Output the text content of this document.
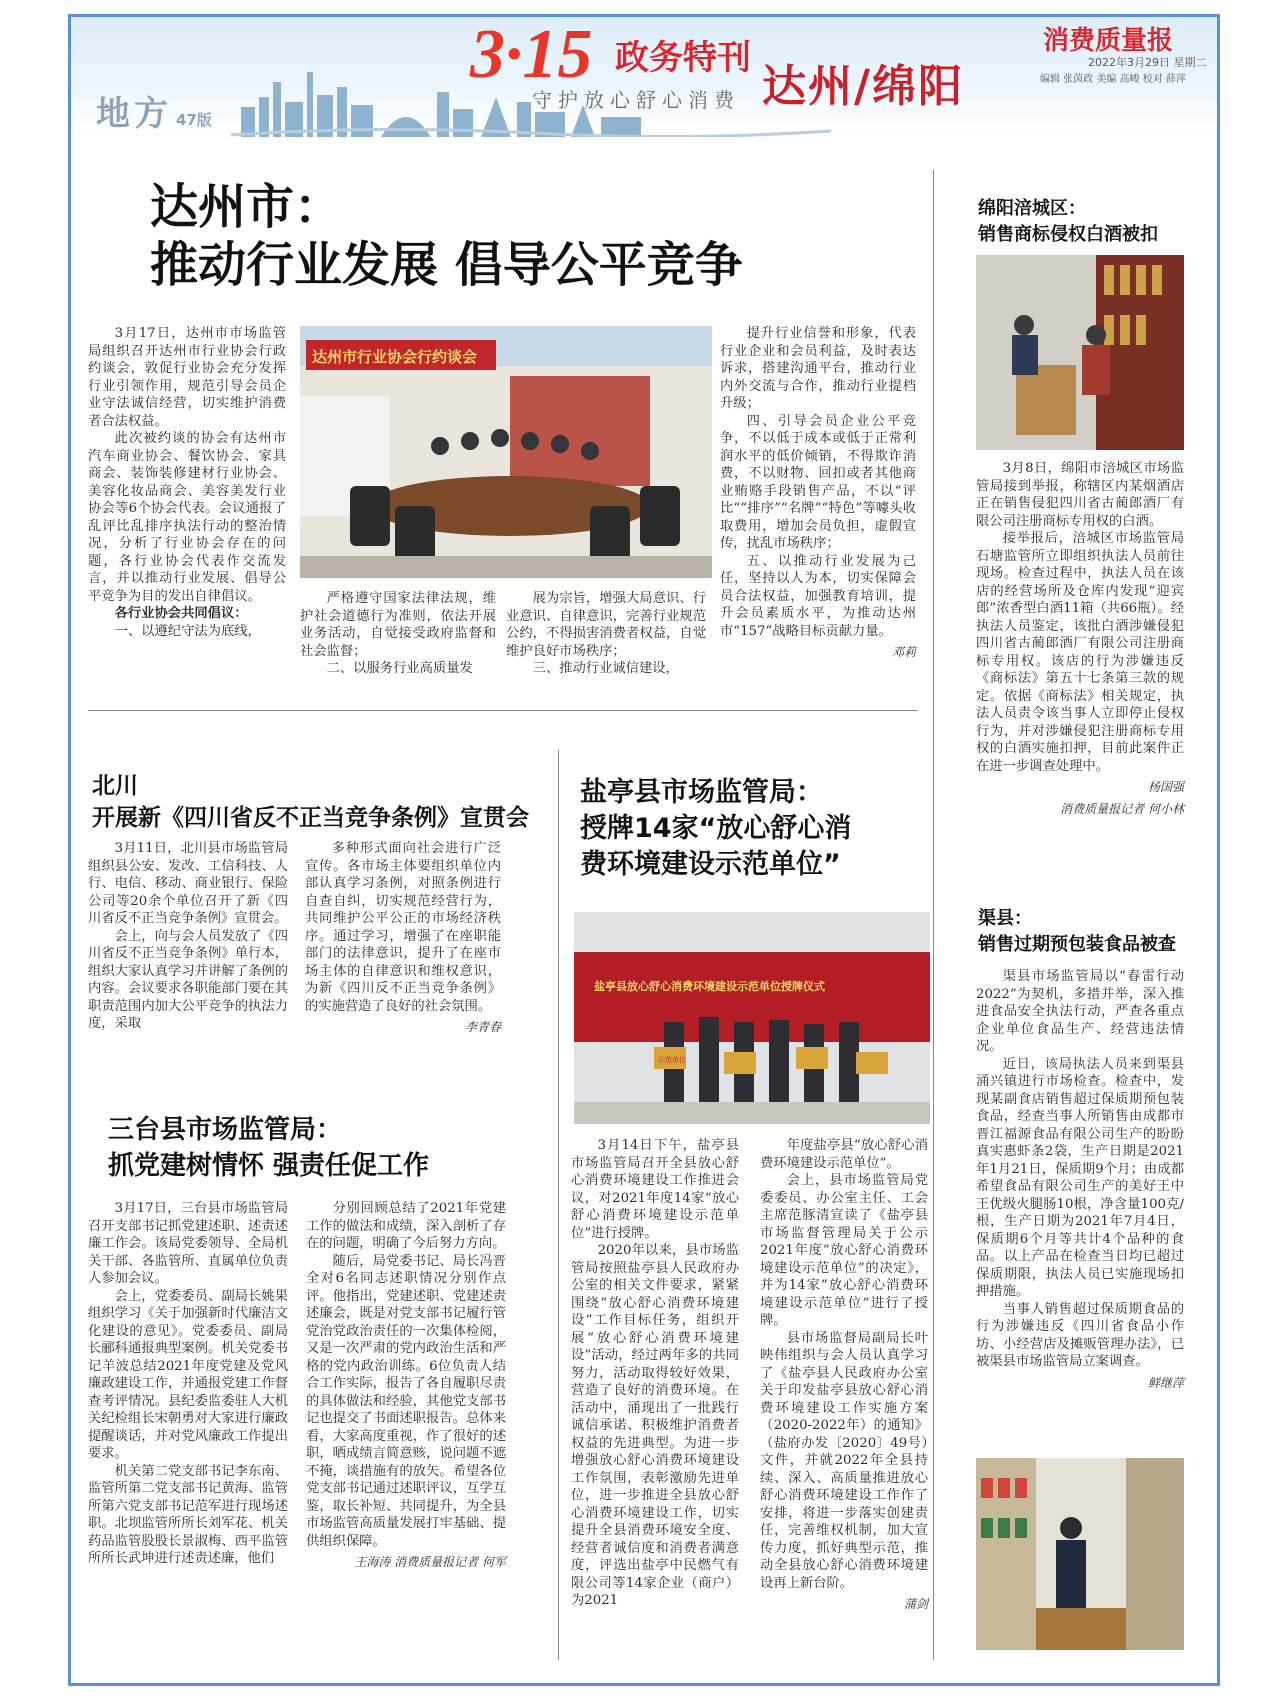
地方 47版
3·15 政务特刊
守护放心舒心消费 达州/绵阳
消费质量报
2022年3月29日 星期二
编辑 张茵政 美编 高峻 校对 薛萍
达州市：
推动行业发展 倡导公平竞争
达州市行业协会行约谈会

3月17日，达州市市场监管局组织召开达州市行业协会行政约谈会，敦促行业协会充分发挥行业引领作用，规范引导会员企业守法诚信经营，切实维护消费者合法权益。

此次被约谈的协会有达州市汽车商业协会、餐饮协会、家具商会、装饰装修建材行业协会、美容化妆品商会、美容美发行业协会等6个协会代表。会议通报了乱评比乱排序执法行动的整治情况，分析了行业协会存在的问题，各行业协会代表作交流发言，并以推动行业发展、倡导公平竞争为目的发出自律倡议。

各行业协会共同倡议：

一、以遵纪守法为底线，

严格遵守国家法律法规，维护社会道德行为准则，依法开展业务活动，自觉接受政府监督和社会监督；

二、以服务行业高质量发

展为宗旨，增强大局意识、行业意识、自律意识，完善行业规范公约，不得损害消费者权益，自觉维护良好市场秩序；

三、推动行业诚信建设，

提升行业信誉和形象，代表行业企业和会员利益，及时表达诉求，搭建沟通平台，推动行业内外交流与合作，推动行业提档升级；

四、引导会员企业公平竞争，不以低于成本或低于正常利润水平的低价倾销，不得欺诈消费，不以财物、回扣或者其他商业贿赂手段销售产品，不以“评比”“排序”“名牌”“特色”等噱头收取费用，增加会员负担，虚假宣传，扰乱市场秩序；

五、以推动行业发展为己任，坚持以人为本，切实保障会员合法权益，加强教育培训，提升会员素质水平，为推动达州市“157”战略目标贡献力量。

邓莉
北川
开展新《四川省反不正当竞争条例》宣贯会

3月11日，北川县市场监管局组织县公安、发改、工信科技、人行、电信、移动、商业银行、保险公司等20余个单位召开了新《四川省反不正当竞争条例》宣贯会。

会上，向与会人员发放了《四川省反不正当竞争条例》单行本，组织大家认真学习并讲解了条例的内容。会议要求各职能部门要在其职责范围内加大公平竞争的执法力度，采取

多种形式面向社会进行广泛宣传。各市场主体要组织单位内部认真学习条例，对照条例进行自查自纠，切实规范经营行为，共同维护公平公正的市场经济秩序。通过学习，增强了在座职能部门的法律意识，提升了在座市场主体的自律意识和维权意识，为新《四川反不正当竞争条例》的实施营造了良好的社会氛围。

李青春
盐亭县市场监管局：
授牌14家“放心舒心消
费环境建设示范单位”
盐亭县放心舒心消费环境建设示范单位授牌仪式
示范单位

3月14日下午，盐亭县市场监管局召开全县放心舒心消费环境建设工作推进会议，对2021年度14家“放心舒心消费环境建设示范单位”进行授牌。

2020年以来，县市场监管局按照盐亭县人民政府办公室的相关文件要求，紧紧围绕“放心舒心消费环境建设”工作目标任务，组织开展“放心舒心消费环境建设”活动，经过两年多的共同努力，活动取得较好效果，营造了良好的消费环境。在活动中，涌现出了一批践行诚信承诺、积极维护消费者权益的先进典型。为进一步增强放心舒心消费环境建设工作氛围，表彰激励先进单位，进一步推进全县放心舒心消费环境建设工作，切实提升全县消费环境安全度、经营者诚信度和消费者满意度，评选出盐亭中民燃气有限公司等14家企业（商户）为2021

年度盐亭县“放心舒心消费环境建设示范单位”。

会上，县市场监管局党委委员、办公室主任、工会主席范豚清宣读了《盐亭县市场监督管理局关于公示2021年度“放心舒心消费环境建设示范单位”的决定》，并为14家“放心舒心消费环境建设示范单位”进行了授牌。

县市场监督局副局长叶映伟组织与会人员认真学习了《盐亭县人民政府办公室关于印发盐亭县放心舒心消费环境建设工作实施方案（2020-2022年）的通知》（盐府办发〔2020〕49号）文件，并就2022年全县持续、深入、高质量推进放心舒心消费环境建设工作作了安排，将进一步落实创建责任，完善维权机制，加大宣传力度，抓好典型示范，推动全县放心舒心消费环境建设再上新台阶。

蒲剑
三台县市场监管局：
抓党建树情怀 强责任促工作

3月17日，三台县市场监管局召开支部书记抓党建述职、述责述廉工作会。该局党委领导、全局机关干部、各监管所、直属单位负责人参加会议。

会上，党委委员、副局长姚果组织学习《关于加强新时代廉洁文化建设的意见》。党委委员、副局长郦科通报典型案例。机关党委书记羊波总结2021年度党建及党风廉政建设工作，并通报党建工作督查考评情况。县纪委监委驻人大机关纪检组长宋朝勇对大家进行廉政提醒谈话，并对党风廉政工作提出要求。

机关第二党支部书记李东南、监管所第二党支部书记黄海、监管所第六党支部书记范军进行现场述职。北坝监管所所长刘军花、机关药品监管股股长景淑梅、西平监管所所长武坤进行述责述廉，他们

分别回顾总结了2021年党建工作的做法和成绩，深入剖析了存在的问题，明确了今后努力方向。

随后，局党委书记、局长冯晋全对6名同志述职情况分别作点评。他指出，党建述职、党建述责述廉会，既是对党支部书记履行管党治党政治责任的一次集体检阅，又是一次严肃的党内政治生活和严格的党内政治训练。6位负责人结合工作实际，报告了各自履职尽责的具体做法和经验，其他党支部书记也提交了书面述职报告。总体来看，大家高度重视，作了很好的述职，晒成绩言简意赅，说问题不遮不掩，谈措施有的放矢。希望各位党支部书记通过述职评议，互学互鉴，取长补短、共同提升，为全县市场监管高质量发展打牢基础、提供组织保障。

王海涛 消费质量报记者 何军
绵阳涪城区：
销售商标侵权白酒被扣

3月8日，绵阳市涪城区市场监管局接到举报，称辖区内某烟酒店正在销售侵犯四川省古蔺郎酒厂有限公司注册商标专用权的白酒。

接举报后，涪城区市场监管局石塘监管所立即组织执法人员前往现场。检查过程中，执法人员在该店的经营场所及仓库内发现“迎宾郎”浓香型白酒11箱（共66瓶）。经执法人员鉴定，该批白酒涉嫌侵犯四川省古蔺郎酒厂有限公司注册商标专用权。该店的行为涉嫌违反《商标法》第五十七条第三款的规定。依据《商标法》相关规定，执法人员责令该当事人立即停止侵权行为，并对涉嫌侵犯注册商标专用权的白酒实施扣押，目前此案件正在进一步调查处理中。

杨国强
消费质量报记者 何小林
渠县：
销售过期预包装食品被查

渠县市场监管局以“春雷行动2022”为契机，多措并举，深入推进食品安全执法行动，严查各重点企业单位食品生产、经营违法情况。

近日，该局执法人员来到渠县涌兴镇进行市场检查。检查中，发现某副食店销售超过保质期预包装食品，经查当事人所销售由成都市晋江福源食品有限公司生产的盼盼真实惠虾条2袋，生产日期是2021年1月21日，保质期9个月；由成都希望食品有限公司生产的美好王中王优级火腿肠10根，净含量100克/根，生产日期为2021年7月4日，保质期6个月等共计4个品种的食品。以上产品在检查当日均已超过保质期限，执法人员已实施现场扣押措施。

当事人销售超过保质期食品的行为涉嫌违反《四川省食品小作坊、小经营店及摊贩管理办法》，已被渠县市场监管局立案调查。

鲜继萍
